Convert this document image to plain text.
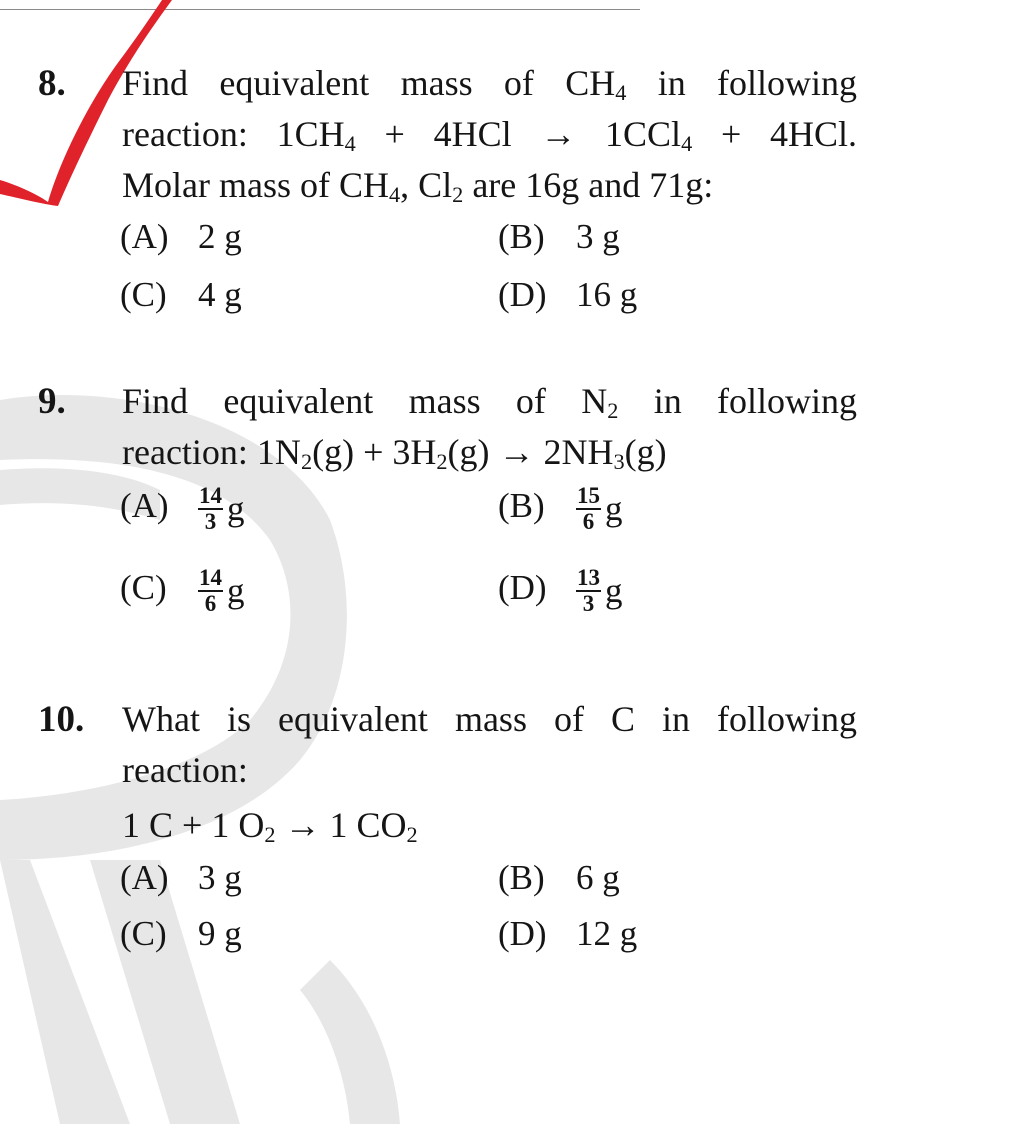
8. Find equivalent mass of $CH_4$ in following
reaction: $1CH_4 + 4HCl \to 1CCl_4 + 4HCl$.
Molar mass of $CH_4$, $Cl_2$ are 16g and 71g:
(A) 2 g	(B) 3 g
(C) 4 g	(D) 16 g
9. Find equivalent mass of $N_2$ in following
reaction: $1N_2(g) + 3H_2(g) \to 2NH_3(g)$
$(A) \frac{14}{3}$ g	$(B) \frac{15}{6}$ g
$(C) \frac{14}{6}$ g	$(D) \frac{13}{3}$ g
10. What is equivalent mass of C in following
reaction:
1 C + 1 $O_2 \to 1$ $CO_2$
(A) 3 g	(B) 6 g
(C) 9 g	(D) 12 g
